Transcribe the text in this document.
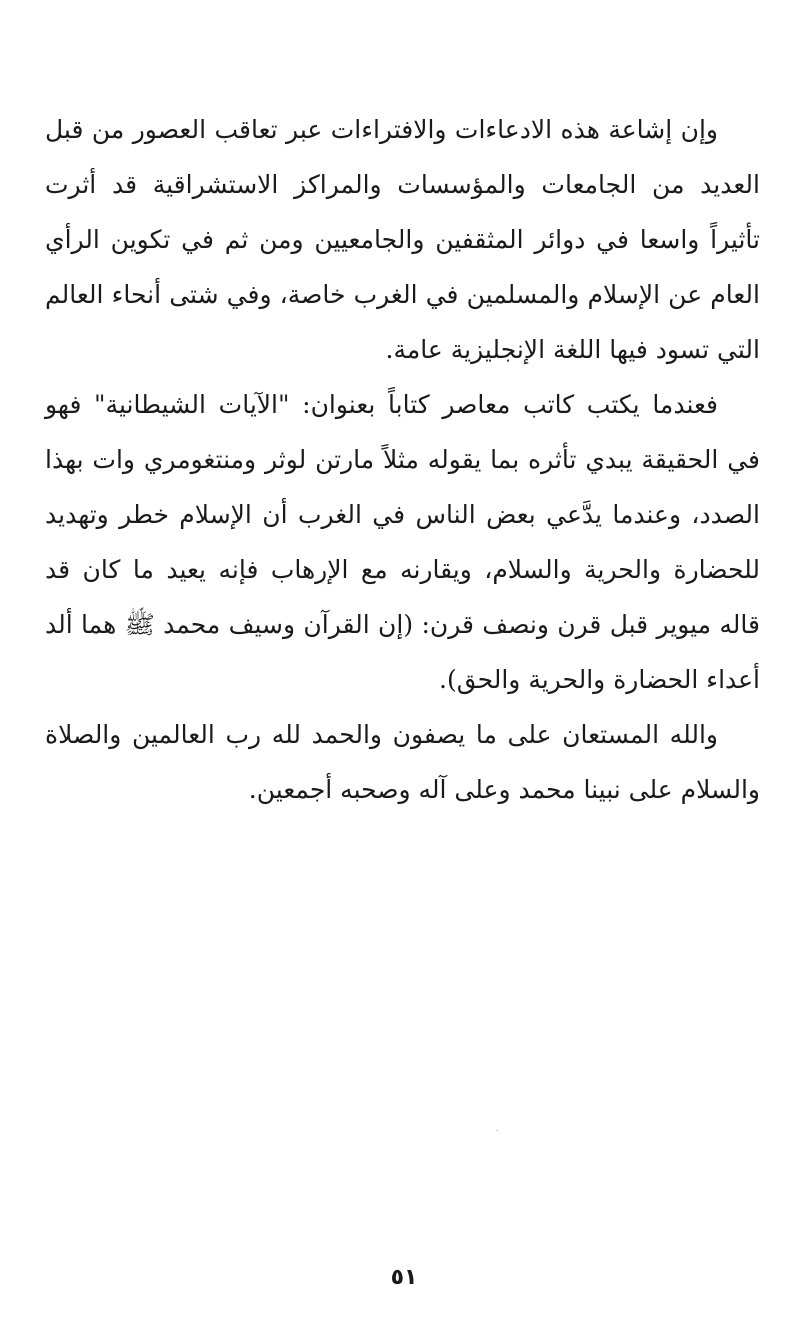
وإن إشاعة هذه الادعاءات والافتراءات عبر تعاقب العصور من قبل العديد من الجامعات والمؤسسات والمراكز الاستشراقية قد أثرت تأثيراً واسعا في دوائر المثقفين والجامعيين ومن ثم في تكوين الرأي العام عن الإسلام والمسلمين في الغرب خاصة، وفي شتى أنحاء العالم التي تسود فيها اللغة الإنجليزية عامة.

فعندما يكتب كاتب معاصر كتاباً بعنوان: "الآيات الشيطانية" فهو في الحقيقة يبدي تأثره بما يقوله مثلاً مارتن لوثر ومنتغومري وات بهذا الصدد، وعندما يدَّعي بعض الناس في الغرب أن الإسلام خطر وتهديد للحضارة والحرية والسلام، ويقارنه مع الإرهاب فإنه يعيد ما كان قد قاله ميوير قبل قرن ونصف قرن: (إن القرآن وسيف محمد ﷺ هما ألد أعداء الحضارة والحرية والحق).

والله المستعان على ما يصفون والحمد لله رب العالمين والصلاة والسلام على نبينا محمد وعلى آله وصحبه أجمعين.

٥١
